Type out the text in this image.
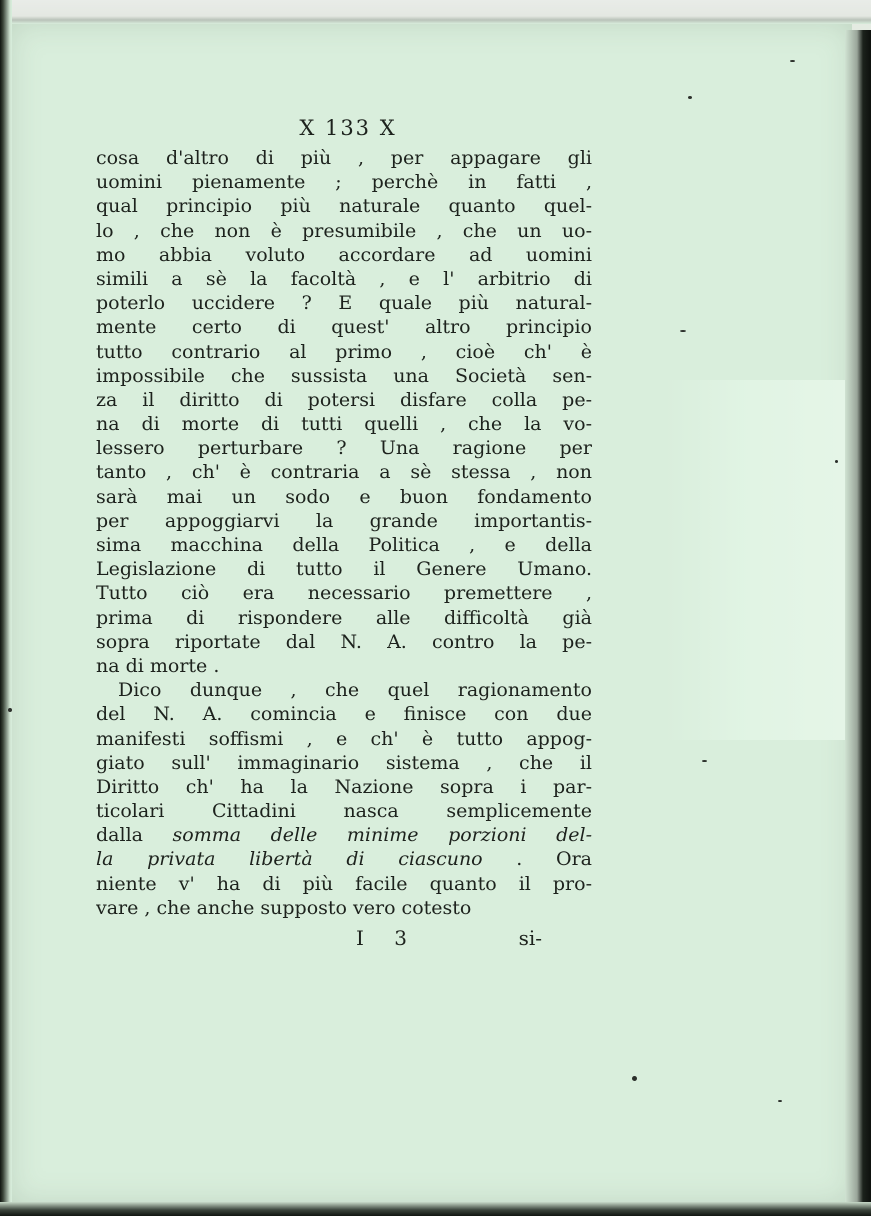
X 133 X
cosa d'altro di più , per appagare gli
uomini pienamente ; perchè in fatti ,
qual principio più naturale quanto quel-
lo , che non è presumibile , che un uo-
mo abbia voluto accordare ad uomini
simili a sè la facoltà , e l' arbitrio di
poterlo uccidere ? E quale più natural-
mente certo di quest' altro principio
tutto contrario al primo , cioè ch' è
impossibile che sussista una Società sen-
za il diritto di potersi disfare colla pe-
na di morte di tutti quelli , che la vo-
lessero perturbare ? Una ragione per
tanto , ch' è contraria a sè stessa , non
sarà mai un sodo e buon fondamento
per appoggiarvi la grande importantis-
sima macchina della Politica , e della
Legislazione di tutto il Genere Umano.
Tutto ciò era necessario premettere ,
prima di rispondere alle difficoltà già
sopra riportate dal N. A. contro la pe-
na di morte .
Dico dunque , che quel ragionamento
del N. A. comincia e finisce con due
manifesti soffismi , e ch' è tutto appog-
giato sull' immaginario sistema , che il
Diritto ch' ha la Nazione sopra i par-
ticolari Cittadini nasca semplicemente
dalla somma delle minime porzioni del-
la privata libertà di ciascuno . Ora
niente v' ha di più facile quanto il pro-
vare , che anche supposto vero cotesto
I 3	si-
